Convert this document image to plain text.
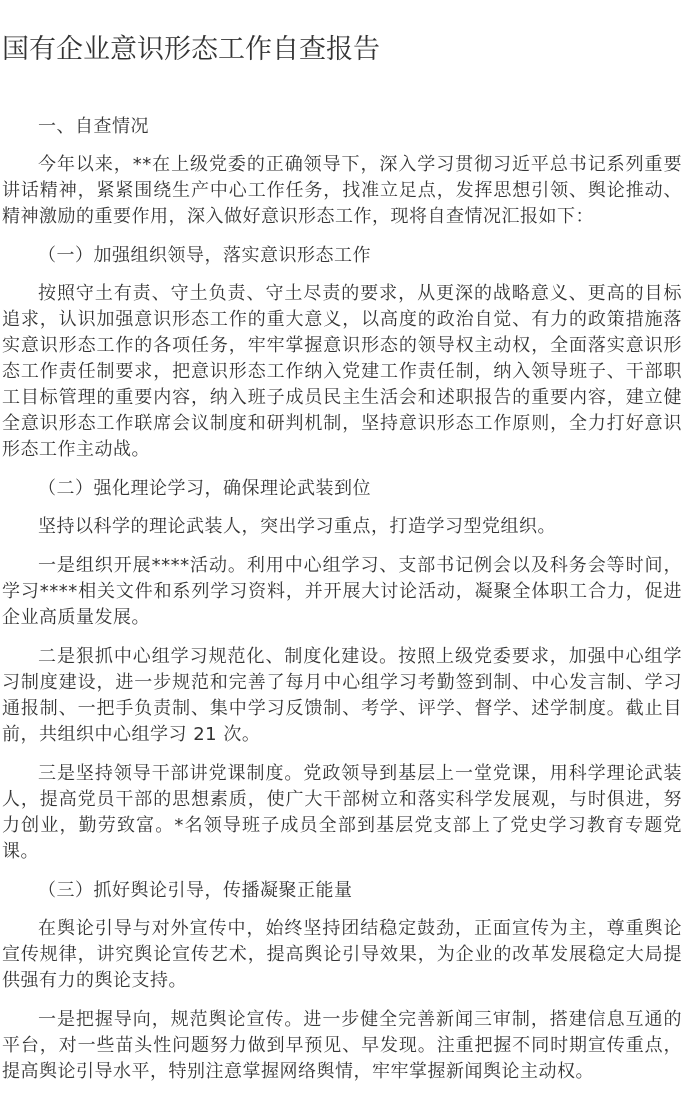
国有企业意识形态工作自查报告

一、自查情况

今年以来，**在上级党委的正确领导下，深入学习贯彻习近平总书记系列重要讲话精神，紧紧围绕生产中心工作任务，找准立足点，发挥思想引领、舆论推动、精神激励的重要作用，深入做好意识形态工作，现将自查情况汇报如下：

（一）加强组织领导，落实意识形态工作

按照守土有责、守土负责、守土尽责的要求，从更深的战略意义、更高的目标追求，认识加强意识形态工作的重大意义，以高度的政治自觉、有力的政策措施落实意识形态工作的各项任务，牢牢掌握意识形态的领导权主动权，全面落实意识形态工作责任制要求，把意识形态工作纳入党建工作责任制，纳入领导班子、干部职工目标管理的重要内容，纳入班子成员民主生活会和述职报告的重要内容，建立健全意识形态工作联席会议制度和研判机制，坚持意识形态工作原则，全力打好意识形态工作主动战。

（二）强化理论学习，确保理论武装到位

坚持以科学的理论武装人，突出学习重点，打造学习型党组织。

一是组织开展****活动。利用中心组学习、支部书记例会以及科务会等时间，学习****相关文件和系列学习资料，并开展大讨论活动，凝聚全体职工合力，促进企业高质量发展。

二是狠抓中心组学习规范化、制度化建设。按照上级党委要求，加强中心组学习制度建设，进一步规范和完善了每月中心组学习考勤签到制、中心发言制、学习通报制、一把手负责制、集中学习反馈制、考学、评学、督学、述学制度。截止目前，共组织中心组学习 21 次。

三是坚持领导干部讲党课制度。党政领导到基层上一堂党课，用科学理论武装人，提高党员干部的思想素质，使广大干部树立和落实科学发展观，与时俱进，努力创业，勤劳致富。*名领导班子成员全部到基层党支部上了党史学习教育专题党课。

（三）抓好舆论引导，传播凝聚正能量

在舆论引导与对外宣传中，始终坚持团结稳定鼓劲，正面宣传为主，尊重舆论宣传规律，讲究舆论宣传艺术，提高舆论引导效果，为企业的改革发展稳定大局提供强有力的舆论支持。

一是把握导向，规范舆论宣传。进一步健全完善新闻三审制，搭建信息互通的平台，对一些苗头性问题努力做到早预见、早发现。注重把握不同时期宣传重点，提高舆论引导水平，特别注意掌握网络舆情，牢牢掌握新闻舆论主动权。
